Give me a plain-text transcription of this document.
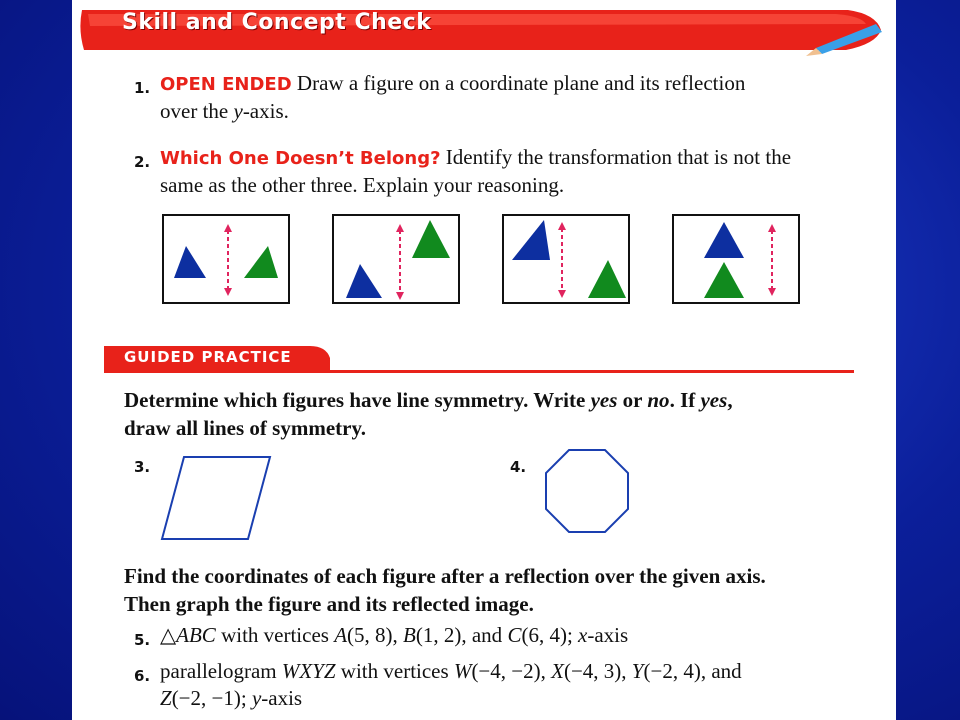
Skill and Concept Check
1. OPEN ENDED Draw a figure on a coordinate plane and its reflection
over the y-axis.
2. Which One Doesn’t Belong? Identify the transformation that is not the
same as the other three. Explain your reasoning.
GUIDED PRACTICE
Determine which figures have line symmetry. Write yes or no. If yes,
draw all lines of symmetry.
3.	4.
Find the coordinates of each figure after a reflection over the given axis.
Then graph the figure and its reflected image.
5. △ABC with vertices A(5, 8), B(1, 2), and C(6, 4); x-axis
6. parallelogram WXYZ with vertices W(−4, −2), X(−4, 3), Y(−2, 4), and
Z(−2, −1); y-axis
